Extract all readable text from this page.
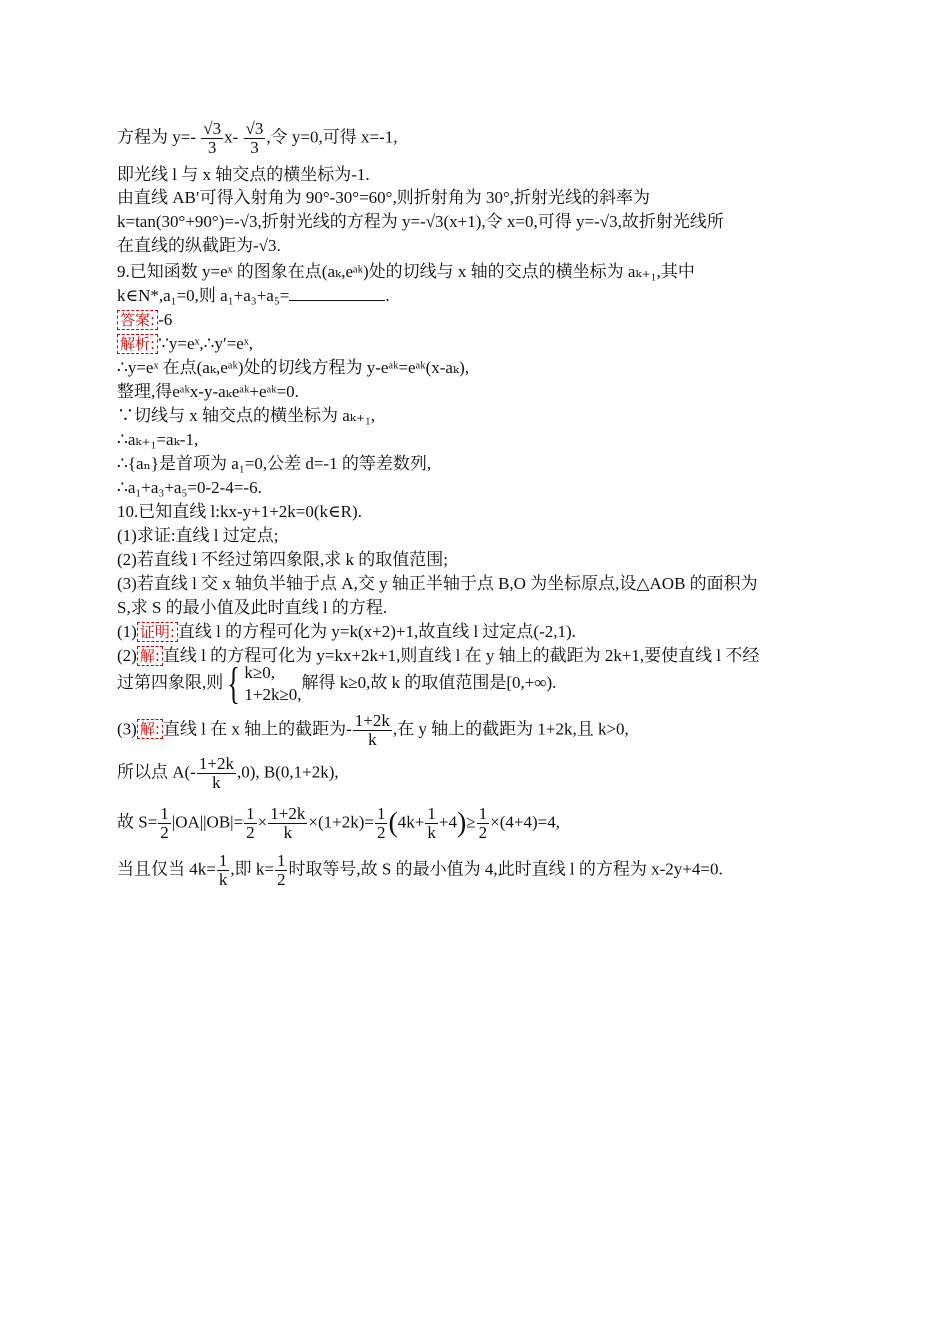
方程为 $y=- \frac{√3}{3} x- \frac{√3}{3}$ ,令 y=0,可得 x=-1,
即光线 l 与 x 轴交点的横坐标为-1.
由直线 AB′可得入射角为 90°-30°=60°,则折射角为 30°,折射光线的斜率为
k=tan(30°+90°)=-√3,折射光线的方程为 y=-√3(x+1),令 x=0,可得 y=-√3,故折射光线所
在直线的纵截距为-√3.
9.已知函数 y=eˣ 的图象在点(aₖ,eᵃᵏ)处的切线与 x 轴的交点的横坐标为 aₖ₊₁,其中
k∈N*,a₁=0,则 a₁+a₃+a₅=	.
答案: -6
解析: ∵y=eˣ,∴y′=eˣ,
∴y=eˣ 在点(aₖ,eᵃᵏ)处的切线方程为 y-eᵃᵏ=eᵃᵏ(x-aₖ),
整理,得eᵃᵏx-y-aₖeᵃᵏ+eᵃᵏ=0.
∵切线与 x 轴交点的横坐标为 aₖ₊₁,
∴aₖ₊₁=aₖ-1,
∴{aₙ}是首项为 a₁=0,公差 d=-1 的等差数列,
∴a₁+a₃+a₅=0-2-4=-6.
10.已知直线 l:kx-y+1+2k=0(k∈R).
(1)求证:直线 l 过定点;
(2)若直线 l 不经过第四象限,求 k 的取值范围;
(3)若直线 l 交 x 轴负半轴于点 A,交 y 轴正半轴于点 B,O 为坐标原点,设△AOB 的面积为
S,求 S 的最小值及此时直线 l 的方程.
(1) 证明: 直线 l 的方程可化为 y=k(x+2)+1,故直线 l 过定点(-2,1).
(2) 解: 直线 l 的方程可化为 y=kx+2k+1,则直线 l 在 y 轴上的截距为 2k+1,要使直线 l 不经
过第四象限,则{ k≥0,
1+2k≥0,
解得 k≥0,故 k 的取值范围是[0,+∞).
(3) 解: 直线 l 在 x 轴上的截距为- $\frac{1+2k}{k}$ ,在 y 轴上的截距为 1+2k,且 k>0,
所以点 $A(- \frac{1+2k}{k} ,0)$, B(0,1+2k),
故 $S= \frac{1}{2} |OA||OB|= \frac{1}{2} \times \frac{1+2k}{k} \times(1+2k)= \frac{1}{2} (4k+ \frac{1}{k} +4)\ge \frac{1}{2} \times(4+4)=4$,
当且仅当 $4k= \frac{1}{k}$ ,即 $k= \frac{1}{2}$ 时取等号,故 S 的最小值为 4,此时直线 l 的方程为 x-2y+4=0.
